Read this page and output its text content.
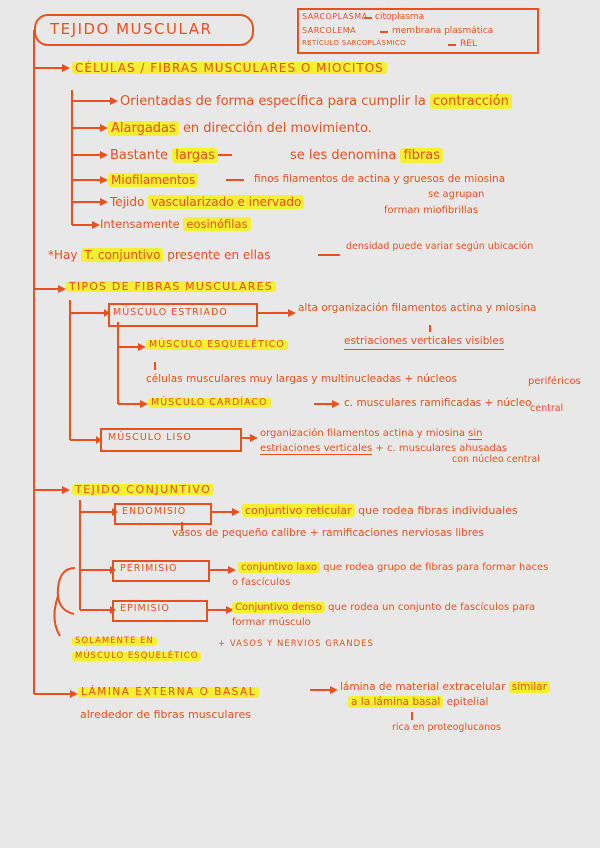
TEJIDO MUSCULAR
SARCOPLASMA citoplasma
SARCOLEMA	membrana plasmática
RETÍCULO SARCOPLÁSMICO	REL
CÉLULAS / FIBRAS MUSCULARES O MIOCITOS
Orientadas de forma específica para cumplir la contracción
Alargadas en dirección del movimiento.
Bastante largas	se les denomina fibras
Miofilamentos	finos filamentos de actina y gruesos de miosina
se agrupan
forman miofibrillas
Tejido vascularizado e inervado
Intensamente eosinófilas
*Hay T. conjuntivo presente en ellas
densidad puede variar según ubicación
TIPOS DE FIBRAS MUSCULARES
MÚSCULO ESTRIADO	alta organización filamentos actina y miosina
estriaciones verticales visibles
MÚSCULO ESQUELÉTICO
células musculares muy largas y multinucleadas + núcleos	periféricos
MÚSCULO CARDÍACO	c. musculares ramificadas + núcleo
central
MÚSCULO LISO	organización filamentos actina y miosina sin
estriaciones verticales + c. musculares ahusadas
con núcleo central
TEJIDO CONJUNTIVO
ENDOMISIO	conjuntivo reticular que rodea fibras individuales
vasos de pequeño calibre + ramificaciones nerviosas libres
PERIMISIO	conjuntivo laxo que rodea grupo de fibras para formar haces
o fascículos
EPIMISIO	Conjuntivo denso que rodea un conjunto de fascículos para
formar músculo
SOLAMENTE EN
MÚSCULO ESQUELÉTICO
+ VASOS Y NERVIOS GRANDES
LÁMINA EXTERNA O BASAL	lámina de material extracelular similar
a la lámina basal epitelial
rica en proteoglucanos
alrededor de fibras musculares
